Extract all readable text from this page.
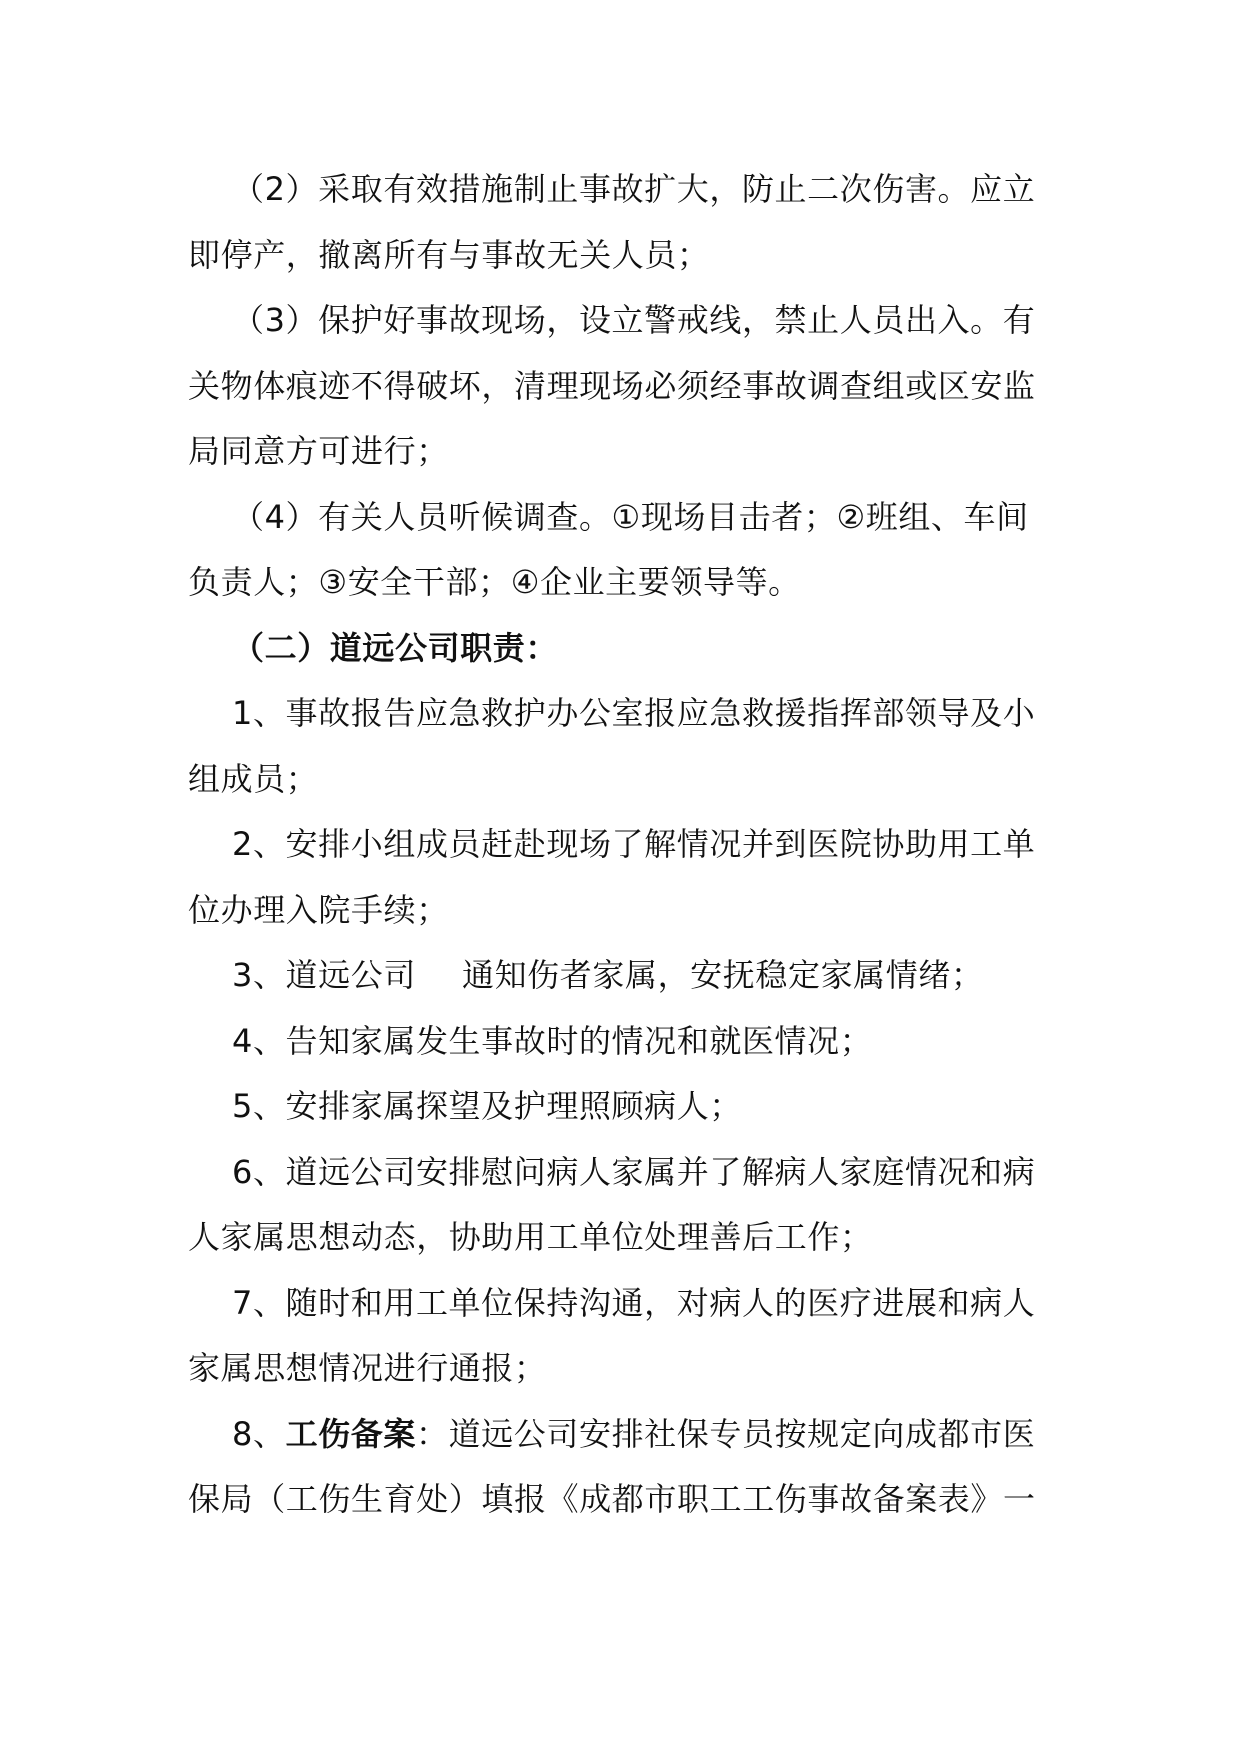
（2）采取有效措施制止事故扩大，防止二次伤害。应立即停产，撤离所有与事故无关人员；

（3）保护好事故现场，设立警戒线，禁止人员出入。有关物体痕迹不得破坏，清理现场必须经事故调查组或区安监局同意方可进行；

（4）有关人员听候调查。①现场目击者；②班组、车间负责人；③安全干部；④企业主要领导等。

（二）道远公司职责：

1、事故报告应急救护办公室报应急救援指挥部领导及小组成员；

2、安排小组成员赶赴现场了解情况并到医院协助用工单位办理入院手续；

3、道远公司 通知伤者家属，安抚稳定家属情绪；

4、告知家属发生事故时的情况和就医情况；

5、安排家属探望及护理照顾病人；

6、道远公司安排慰问病人家属并了解病人家庭情况和病人家属思想动态，协助用工单位处理善后工作；

7、随时和用工单位保持沟通，对病人的医疗进展和病人家属思想情况进行通报；

8、工伤备案：道远公司安排社保专员按规定向成都市医保局（工伤生育处）填报《成都市职工工伤事故备案表》一
